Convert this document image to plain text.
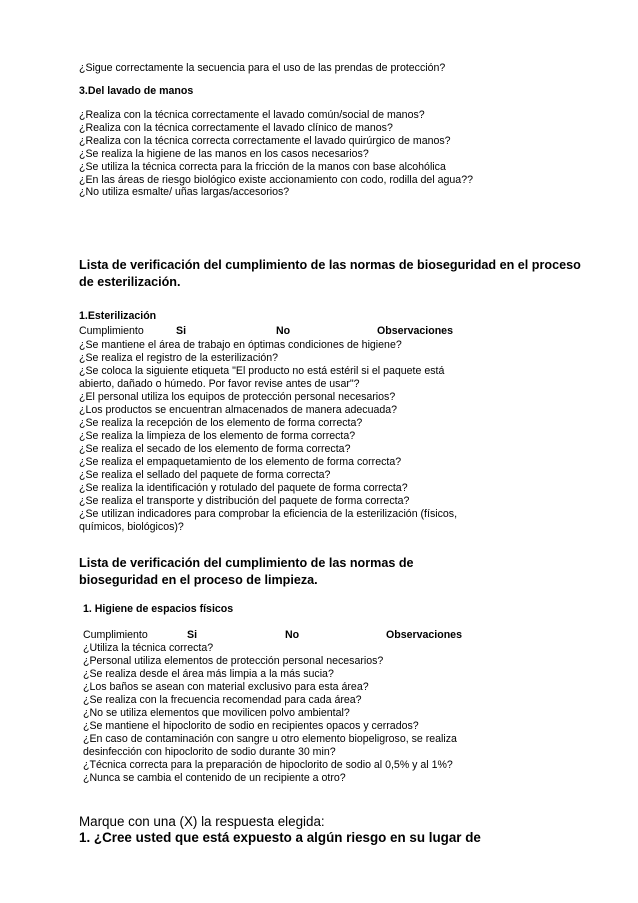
¿Sigue correctamente la secuencia para el uso de las prendas de protección?
3.Del lavado de manos
¿Realiza con la técnica correctamente el lavado común/social de manos?
¿Realiza con la técnica correctamente el lavado clínico de manos?
¿Realiza con la técnica correcta correctamente el lavado quirúrgico de manos?
¿Se realiza la higiene de las manos en los casos necesarios?
¿Se utiliza la técnica correcta para la fricción de la manos con base alcohólica
¿En las áreas de riesgo biológico existe accionamiento con codo, rodilla del agua??
¿No utiliza esmalte/ uñas largas/accesorios?
Lista de verificación del cumplimiento de las normas de bioseguridad en el proceso
de esterilización.
1.Esterilización
Cumplimiento	Si	No	Observaciones
¿Se mantiene el área de trabajo en óptimas condiciones de higiene?
¿Se realiza el registro de la esterilización?
¿Se coloca la siguiente etiqueta "El producto no está estéril si el paquete está
abierto, dañado o húmedo. Por favor revise antes de usar"?
¿El personal utiliza los equipos de protección personal necesarios?
¿Los productos se encuentran almacenados de manera adecuada?
¿Se realiza la recepción de los elemento de forma correcta?
¿Se realiza la limpieza de los elemento de forma correcta?
¿Se realiza el secado de los elemento de forma correcta?
¿Se realiza el empaquetamiento de los elemento de forma correcta?
¿Se realiza el sellado del paquete de forma correcta?
¿Se realiza la identificación y rotulado del paquete de forma correcta?
¿Se realiza el transporte y distribución del paquete de forma correcta?
¿Se utilizan indicadores para comprobar la eficiencia de la esterilización (físicos,
químicos, biológicos)?
Lista de verificación del cumplimiento de las normas de
bioseguridad en el proceso de limpieza.
1. Higiene de espacios físicos
Cumplimiento	Si	No	Observaciones
¿Utiliza la técnica correcta?
¿Personal utiliza elementos de protección personal necesarios?
¿Se realiza desde el área más limpia a la más sucia?
¿Los baños se asean con material exclusivo para esta área?
¿Se realiza con la frecuencia recomendad para cada área?
¿No se utiliza elementos que movilicen polvo ambiental?
¿Se mantiene el hipoclorito de sodio en recipientes opacos y cerrados?
¿En caso de contaminación con sangre u otro elemento biopeligroso, se realiza
desinfección con hipoclorito de sodio durante 30 min?
¿Técnica correcta para la preparación de hipoclorito de sodio al 0,5% y al 1%?
¿Nunca se cambia el contenido de un recipiente a otro?
Marque con una (X) la respuesta elegida:
1. ¿Cree usted que está expuesto a algún riesgo en su lugar de
